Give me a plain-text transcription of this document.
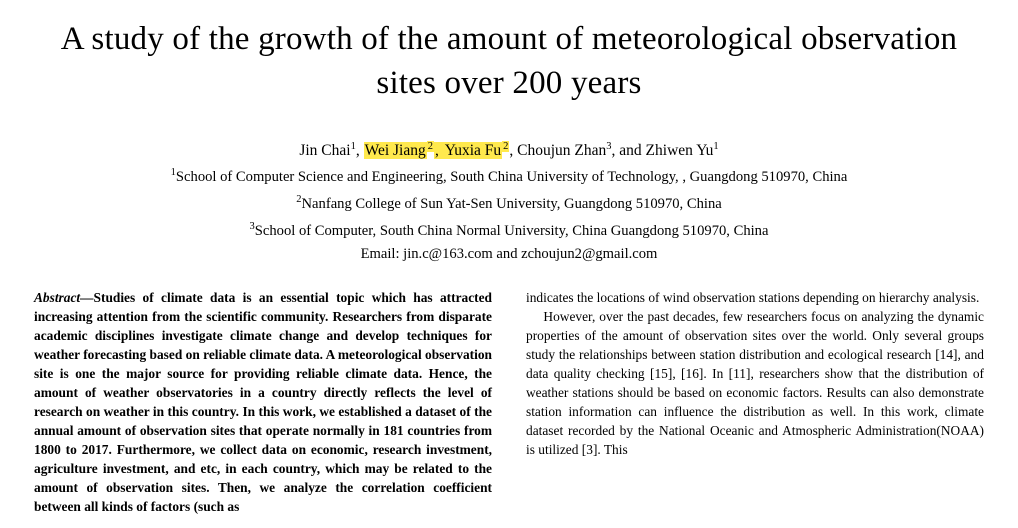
A study of the growth of the amount of meteorological observation sites over 200 years
Jin Chai$^1$, Wei Jiang $^2$ , Yuxia Fu $^2$, Choujun Zhan$^3$, and Zhiwen Yu$^1$
$^1$School of Computer Science and Engineering, South China University of Technology, , Guangdong 510970, China
$^2$Nanfang College of Sun Yat-Sen University, Guangdong 510970, China
$^3$School of Computer, South China Normal University, China Guangdong 510970, China
Email: jin.c@163.com and zchoujun2@gmail.com

Abstract—Studies of climate data is an essential topic which has attracted increasing attention from the scientific community. Researchers from disparate academic disciplines investigate climate change and develop techniques for weather forecasting based on reliable climate data. A meteorological observation site is one the major source for providing reliable climate data. Hence, the amount of weather observatories in a country directly reflects the level of research on weather in this country. In this work, we established a dataset of the annual amount of observation sites that operate normally in 181 countries from 1800 to 2017. Furthermore, we collect data on economic, research investment, agriculture investment, and etc, in each country, which may be related to the amount of observation sites. Then, we analyze the correlation coefficient between all kinds of factors (such as

indicates the locations of wind observation stations depending on hierarchy analysis.

However, over the past decades, few researchers focus on analyzing the dynamic properties of the amount of observation sites over the world. Only several groups study the relationships between station distribution and ecological research [14], and data quality checking [15], [16]. In [11], researchers show that the distribution of weather stations should be based on economic factors. Results can also demonstrate station information can influence the distribution as well. In this work, climate dataset recorded by the National Oceanic and Atmospheric Administration(NOAA) is utilized [3]. This
